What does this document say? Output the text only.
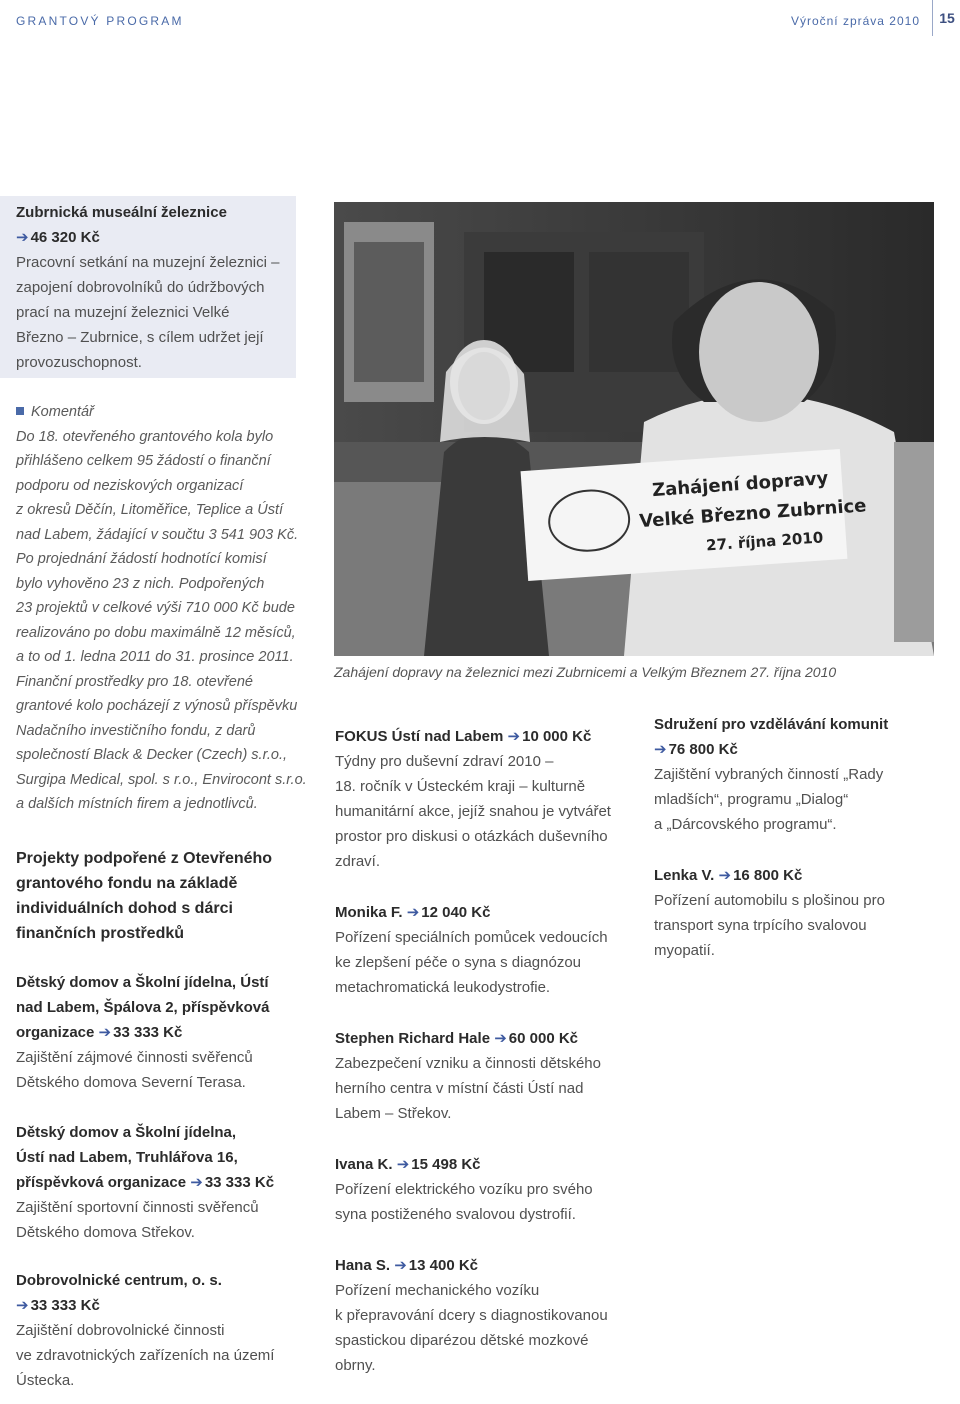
GRANTOVÝ PROGRAM	Výroční zpráva 2010	15

Zubrnická museální železnice

➔ 46 320 Kč

Pracovní setkání na muzejní železnici –

zapojení dobrovolníků do údržbových

prací na muzejní železnici Velké

Březno – Zubrnice, s cílem udržet její

provozuschopnost.

Komentář

Do 18. otevřeného grantového kola bylo

přihlášeno celkem 95 žádostí o finanční

podporu od neziskových organizací

z okresů Děčín, Litoměřice, Teplice a Ústí

nad Labem, žádající v součtu 3 541 903 Kč.

Po projednání žádostí hodnotící komisí

bylo vyhověno 23 z nich. Podpořených

23 projektů v celkové výši 710 000 Kč bude

realizováno po dobu maximálně 12 měsíců,

a to od 1. ledna 2011 do 31. prosince 2011.

Finanční prostředky pro 18. otevřené

grantové kolo pocházejí z výnosů příspěvku

Nadačního investičního fondu, z darů

společností Black & Decker (Czech) s.r.o.,

Surgipa Medical, spol. s r.o., Envirocont s.r.o.

a dalších místních firem a jednotlivců.

Projekty podpořené z Otevřeného

grantového fondu na základě

individuálních dohod s dárci

finančních prostředků

Dětský domov a Školní jídelna, Ústí

nad Labem, Špálova 2, příspěvková

organizace ➔ 33 333 Kč

Zajištění zájmové činnosti svěřenců

Dětského domova Severní Terasa.

Dětský domov a Školní jídelna,

Ústí nad Labem, Truhlářova 16,

příspěvková organizace ➔ 33 333 Kč

Zajištění sportovní činnosti svěřenců

Dětského domova Střekov.

Dobrovolnické centrum, o. s.

➔ 33 333 Kč

Zajištění dobrovolnické činnosti

ve zdravotnických zařízeních na území

Ústecka.

Zahájení dopravy
Velké Březno Zubrnice
27. října 2010
Zahájení dopravy na železnici mezi Zubrnicemi a Velkým Březnem 27. října 2010

FOKUS Ústí nad Labem ➔ 10 000 Kč

Týdny pro duševní zdraví 2010 –

18. ročník v Ústeckém kraji – kulturně

humanitární akce, jejíž snahou je vytvářet

prostor pro diskusi o otázkách duševního

zdraví.

Monika F. ➔ 12 040 Kč

Pořízení speciálních pomůcek vedoucích

ke zlepšení péče o syna s diagnózou

metachromatická leukodystrofie.

Stephen Richard Hale ➔ 60 000 Kč

Zabezpečení vzniku a činnosti dětského

herního centra v místní části Ústí nad

Labem – Střekov.

Ivana K. ➔ 15 498 Kč

Pořízení elektrického vozíku pro svého

syna postiženého svalovou dystrofií.

Hana S. ➔ 13 400 Kč

Pořízení mechanického vozíku

k přepravování dcery s diagnostikovanou

spastickou diparézou dětské mozkové

obrny.

Sdružení pro vzdělávání komunit

➔ 76 800 Kč

Zajištění vybraných činností „Rady

mladších“, programu „Dialog“

a „Dárcovského programu“.

Lenka V. ➔ 16 800 Kč

Pořízení automobilu s plošinou pro

transport syna trpícího svalovou

myopatií.
